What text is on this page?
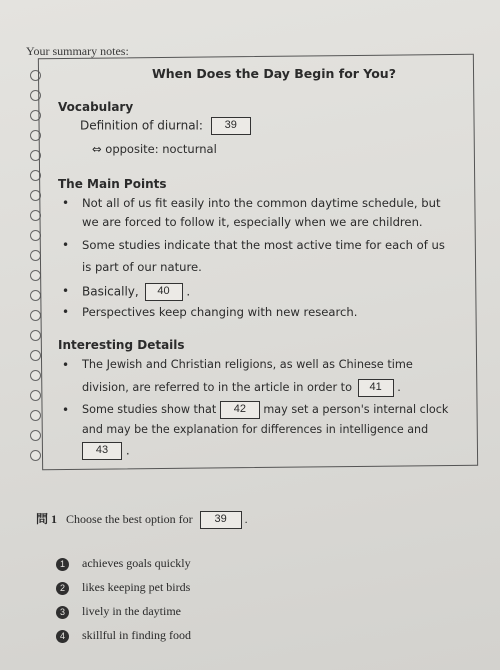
Your summary notes:
When Does the Day Begin for You?
Vocabulary
Definition of diurnal: 39
⇔ opposite: nocturnal
The Main Points
• Not all of us fit easily into the common daytime schedule, but
we are forced to follow it, especially when we are children.
• Some studies indicate that the most active time for each of us
is part of our nature.
• Basically, 40 .
• Perspectives keep changing with new research.
Interesting Details
• The Jewish and Christian religions, as well as Chinese time
division, are referred to in the article in order to 41 .
• Some studies show that 42 may set a person's internal clock
and may be the explanation for differences in intelligence and
43 .
問 1 Choose the best option for 39 .
1 achieves goals quickly
2 likes keeping pet birds
3 lively in the daytime
4 skillful in finding food
